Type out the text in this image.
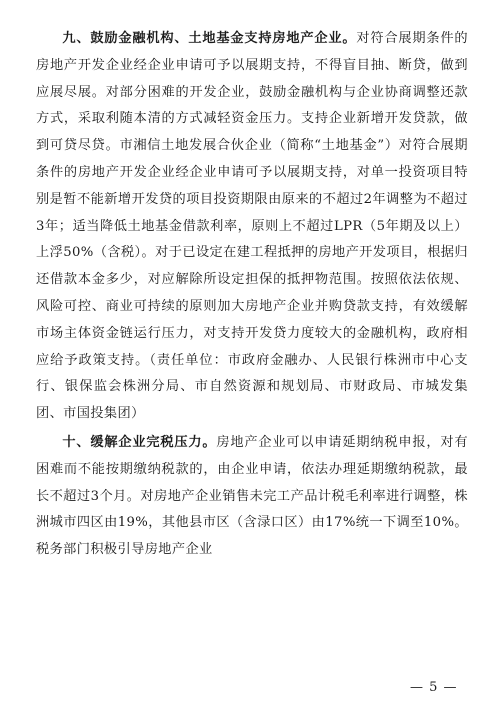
九、鼓励金融机构、土地基金支持房地产企业。对符合展期条件的房地产开发企业经企业申请可予以展期支持，不得盲目抽、断贷，做到应展尽展。对部分困难的开发企业，鼓励金融机构与企业协商调整还款方式，采取利随本清的方式减轻资金压力。支持企业新增开发贷款，做到可贷尽贷。市湘信土地发展合伙企业（简称“土地基金”）对符合展期条件的房地产开发企业经企业申请可予以展期支持，对单一投资项目特别是暂不能新增开发贷的项目投资期限由原来的不超过2年调整为不超过3年；适当降低土地基金借款利率，原则上不超过LPR（5年期及以上）上浮50%（含税）。对于已设定在建工程抵押的房地产开发项目，根据归还借款本金多少，对应解除所设定担保的抵押物范围。按照依法依规、风险可控、商业可持续的原则加大房地产企业并购贷款支持，有效缓解市场主体资金链运行压力，对支持开发贷力度较大的金融机构，政府相应给予政策支持。（责任单位：市政府金融办、人民银行株洲市中心支行、银保监会株洲分局、市自然资源和规划局、市财政局、市城发集团、市国投集团）

十、缓解企业完税压力。房地产企业可以申请延期纳税申报，对有困难而不能按期缴纳税款的，由企业申请，依法办理延期缴纳税款，最长不超过3个月。对房地产企业销售未完工产品计税毛利率进行调整，株洲城市四区由19%，其他县市区（含渌口区）由17%统一下调至10%。税务部门积极引导房地产企业

— 5 —
